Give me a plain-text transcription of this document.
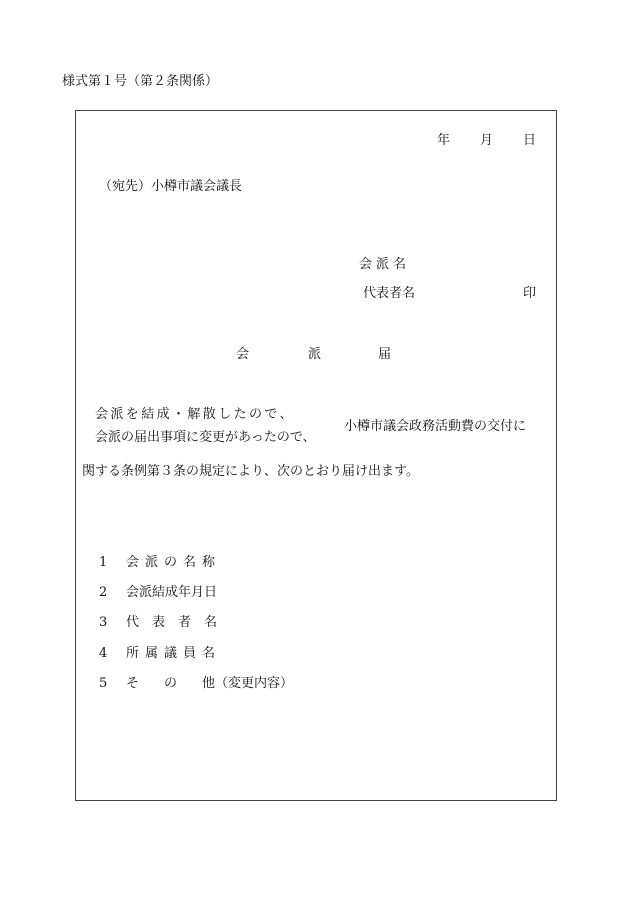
様式第１号（第２条関係）
年 月 日
（宛先）小樽市議会議長
会派名
代表者名	印
会	派	届
会派を結成・解散したので、
会派の届出事項に変更があったので、
小樽市議会政務活動費の交付に
関する条例第３条の規定により、次のとおり届け出ます。
1 会派の名称
2 会派結成年月日
3 代表者名
4 所属議員名
5 そ の 他（変更内容）
